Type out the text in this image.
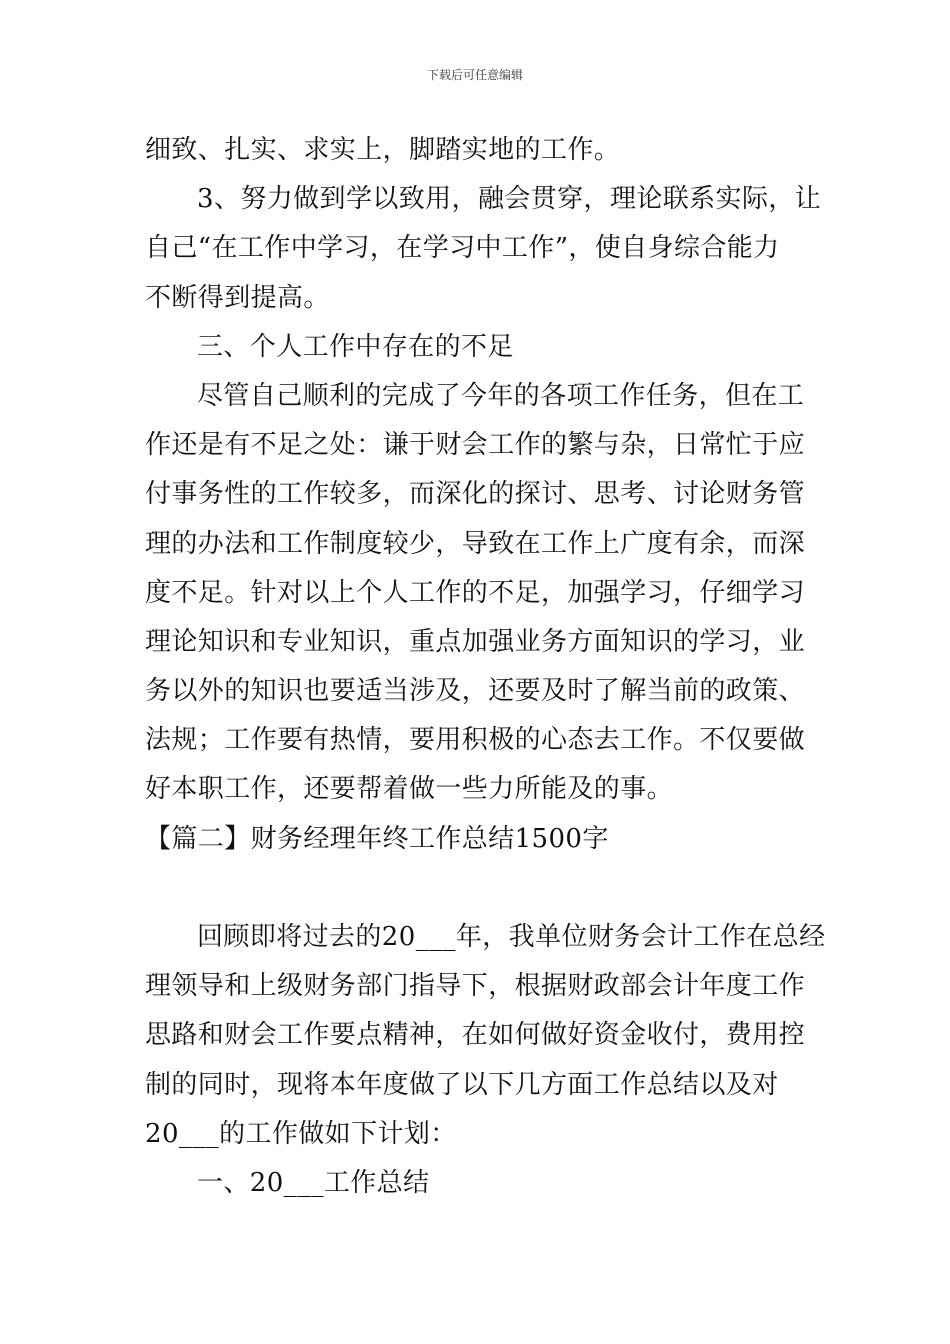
下载后可任意编辑
细致、扎实、求实上，脚踏实地的工作。
3、努力做到学以致用，融会贯穿，理论联系实际，让
自己“在工作中学习，在学习中工作”，使自身综合能力
不断得到提高。
三、个人工作中存在的不足
尽管自己顺利的完成了今年的各项工作任务，但在工
作还是有不足之处：谦于财会工作的繁与杂，日常忙于应
付事务性的工作较多，而深化的探讨、思考、讨论财务管
理的办法和工作制度较少，导致在工作上广度有余，而深
度不足。针对以上个人工作的不足，加强学习，仔细学习
理论知识和专业知识，重点加强业务方面知识的学习，业
务以外的知识也要适当涉及，还要及时了解当前的政策、
法规；工作要有热情，要用积极的心态去工作。不仅要做
好本职工作，还要帮着做一些力所能及的事。
【篇二】财务经理年终工作总结1500字
回顾即将过去的20___年，我单位财务会计工作在总经
理领导和上级财务部门指导下，根据财政部会计年度工作
思路和财会工作要点精神，在如何做好资金收付，费用控
制的同时，现将本年度做了以下几方面工作总结以及对
20___的工作做如下计划：
一、20___工作总结
